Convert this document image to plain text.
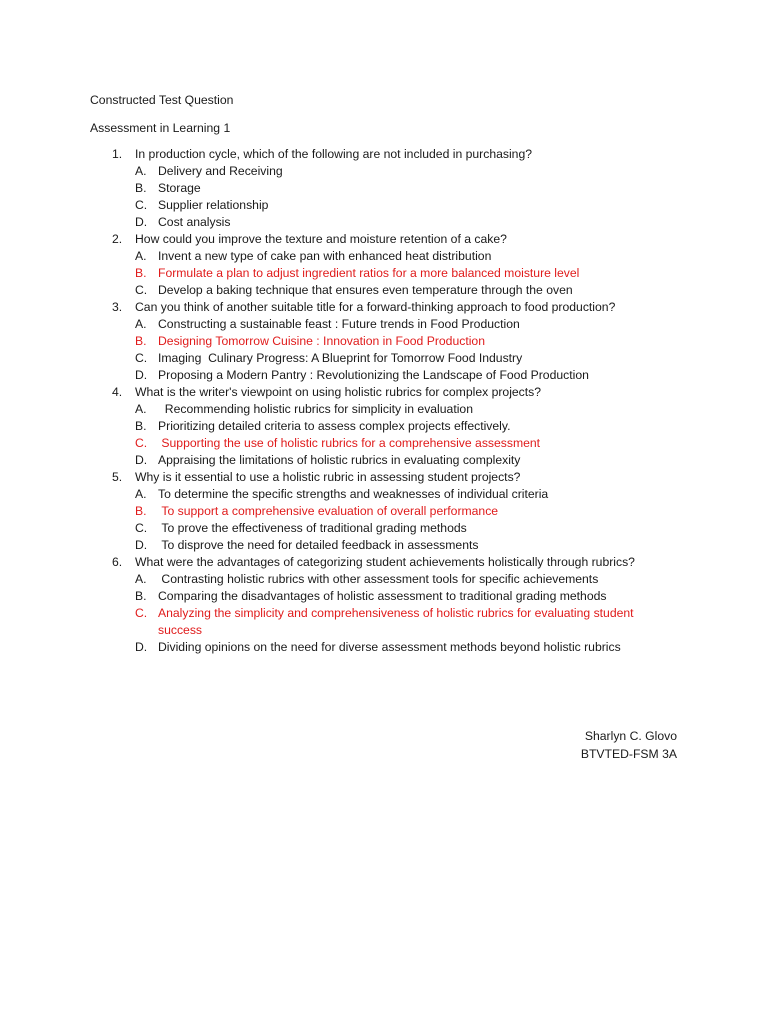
Constructed Test Question
Assessment in Learning 1
1.	In production cycle, which of the following are not included in purchasing?
A. Delivery and Receiving
B. Storage
C. Supplier relationship
D. Cost analysis
2.	How could you improve the texture and moisture retention of a cake?
A. Invent a new type of cake pan with enhanced heat distribution
B. Formulate a plan to adjust ingredient ratios for a more balanced moisture level
C. Develop a baking technique that ensures even temperature through the oven
3.	Can you think of another suitable title for a forward-thinking approach to food production?
A. Constructing a sustainable feast : Future trends in Food Production
B. Designing Tomorrow Cuisine : Innovation in Food Production
C. Imaging  Culinary Progress: A Blueprint for Tomorrow Food Industry
D. Proposing a Modern Pantry : Revolutionizing the Landscape of Food Production
4.	What is the writer's viewpoint on using holistic rubrics for complex projects?
A. Recommending holistic rubrics for simplicity in evaluation
B. Prioritizing detailed criteria to assess complex projects effectively.
C. Supporting the use of holistic rubrics for a comprehensive assessment
D. Appraising the limitations of holistic rubrics in evaluating complexity
5.	Why is it essential to use a holistic rubric in assessing student projects?
A. To determine the specific strengths and weaknesses of individual criteria
B. To support a comprehensive evaluation of overall performance
C. To prove the effectiveness of traditional grading methods
D. To disprove the need for detailed feedback in assessments
6.	What were the advantages of categorizing student achievements holistically through rubrics?
A. Contrasting holistic rubrics with other assessment tools for specific achievements
B. Comparing the disadvantages of holistic assessment to traditional grading methods
C. Analyzing the simplicity and comprehensiveness of holistic rubrics for evaluating student success
D. Dividing opinions on the need for diverse assessment methods beyond holistic rubrics
Sharlyn C. Glovo
BTVTED-FSM 3A
